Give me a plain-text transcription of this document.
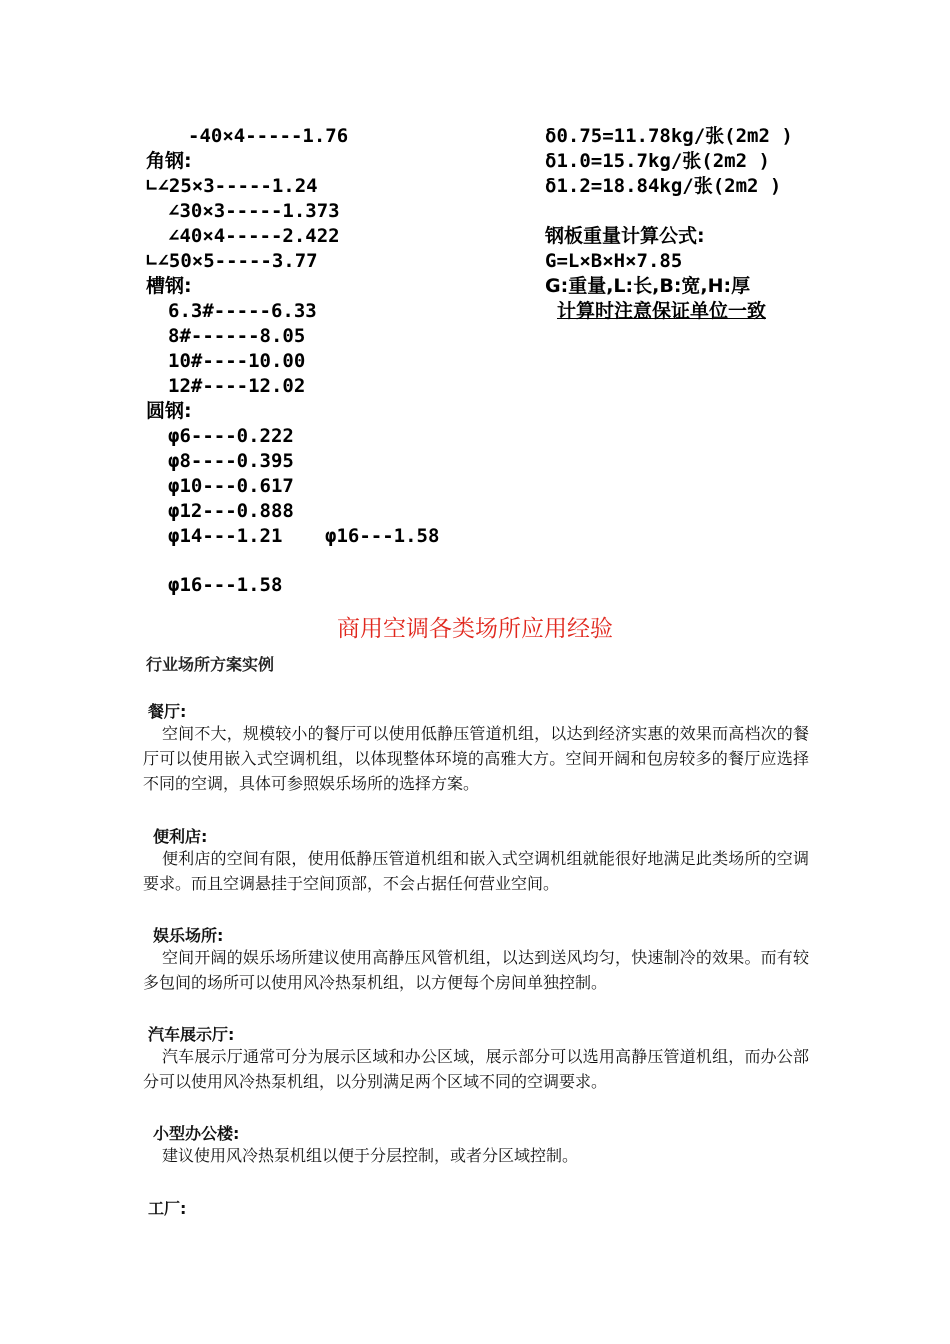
-40×4-----1.76
角钢:
∟∠25×3-----1.24
∠30×3-----1.373
∠40×4-----2.422
∟∠50×5-----3.77
槽钢:
6.3#-----6.33
8#------8.05
10#----10.00
12#----12.02
圆钢:
φ6----0.222
φ8----0.395
φ10---0.617
φ12---0.888
φ14---1.21 φ16---1.58
φ16---1.58
δ0.75=11.78kg/张(2m2 )
δ1.0=15.7kg/张(2m2 )
δ1.2=18.84kg/张(2m2 )
钢板重量计算公式:
G=L×B×H×7.85
G:重量,L:长,B:宽,H:厚
计算时注意保证单位一致
商用空调各类场所应用经验
行业场所方案实例
餐厅:
空间不大，规模较小的餐厅可以使用低静压管道机组，以达到经济实惠的效果而高档次的餐厅可以使用嵌入式空调机组，以体现整体环境的高雅大方。空间开阔和包房较多的餐厅应选择不同的空调，具体可参照娱乐场所的选择方案。
便利店:
便利店的空间有限，使用低静压管道机组和嵌入式空调机组就能很好地满足此类场所的空调要求。而且空调悬挂于空间顶部，不会占据任何营业空间。
娱乐场所:
空间开阔的娱乐场所建议使用高静压风管机组，以达到送风均匀，快速制冷的效果。而有较多包间的场所可以使用风冷热泵机组，以方便每个房间单独控制。
汽车展示厅:
汽车展示厅通常可分为展示区域和办公区域，展示部分可以选用高静压管道机组，而办公部分可以使用风冷热泵机组，以分别满足两个区域不同的空调要求。
小型办公楼:
建议使用风冷热泵机组以便于分层控制，或者分区域控制。
工厂:
